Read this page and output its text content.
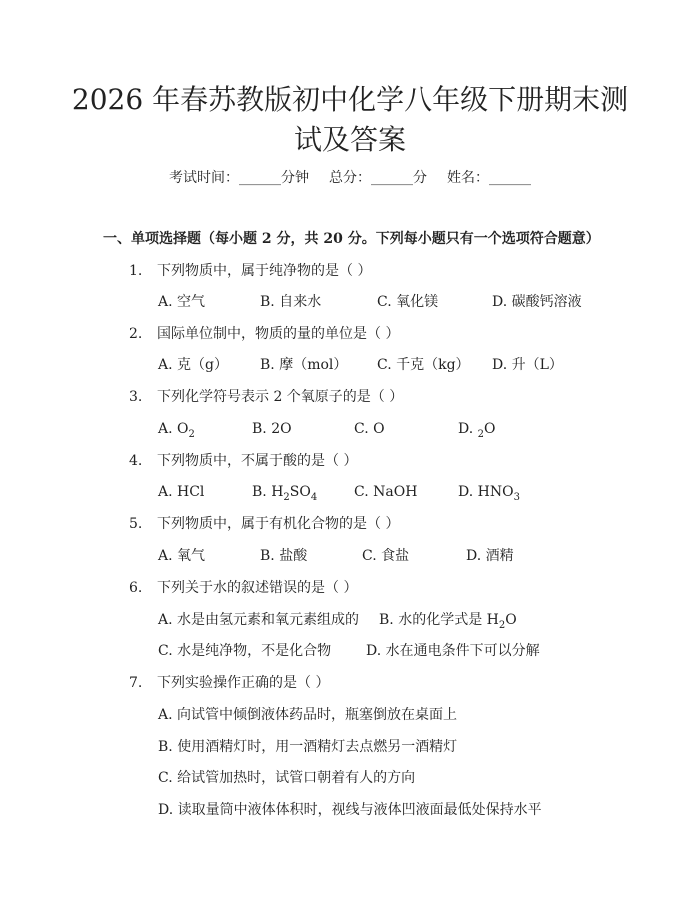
2026 年春苏教版初中化学八年级下册期末测
试及答案
考试时间：______分钟 总分：______分 姓名：______
一、单项选择题（每小题 2 分，共 20 分。下列每小题只有一个选项符合题意）
1. 下列物质中，属于纯净物的是（ ）
A. 空气	B. 自来水	C. 氧化镁	D. 碳酸钙溶液
2. 国际单位制中，物质的量的单位是（ ）
A. 克（g） B. 摩（mol） C. 千克（kg） D. 升（L）
3. 下列化学符号表示 2 个氧原子的是（ ）
A. $O_2$	B. 2O	C. O	D. $_2$O
4. 下列物质中，不属于酸的是（ ）
A. HCl	B. $H_2SO_4$	C. NaOH	D. $HNO_3$
5. 下列物质中，属于有机化合物的是（ ）
A. 氧气	B. 盐酸	C. 食盐	D. 酒精
6. 下列关于水的叙述错误的是（ ）
A. 水是由氢元素和氧元素组成的 B. 水的化学式是 $H_2O$
C. 水是纯净物，不是化合物 D. 水在通电条件下可以分解
7. 下列实验操作正确的是（ ）
A. 向试管中倾倒液体药品时，瓶塞倒放在桌面上
B. 使用酒精灯时，用一酒精灯去点燃另一酒精灯
C. 给试管加热时，试管口朝着有人的方向
D. 读取量筒中液体体积时，视线与液体凹液面最低处保持水平
